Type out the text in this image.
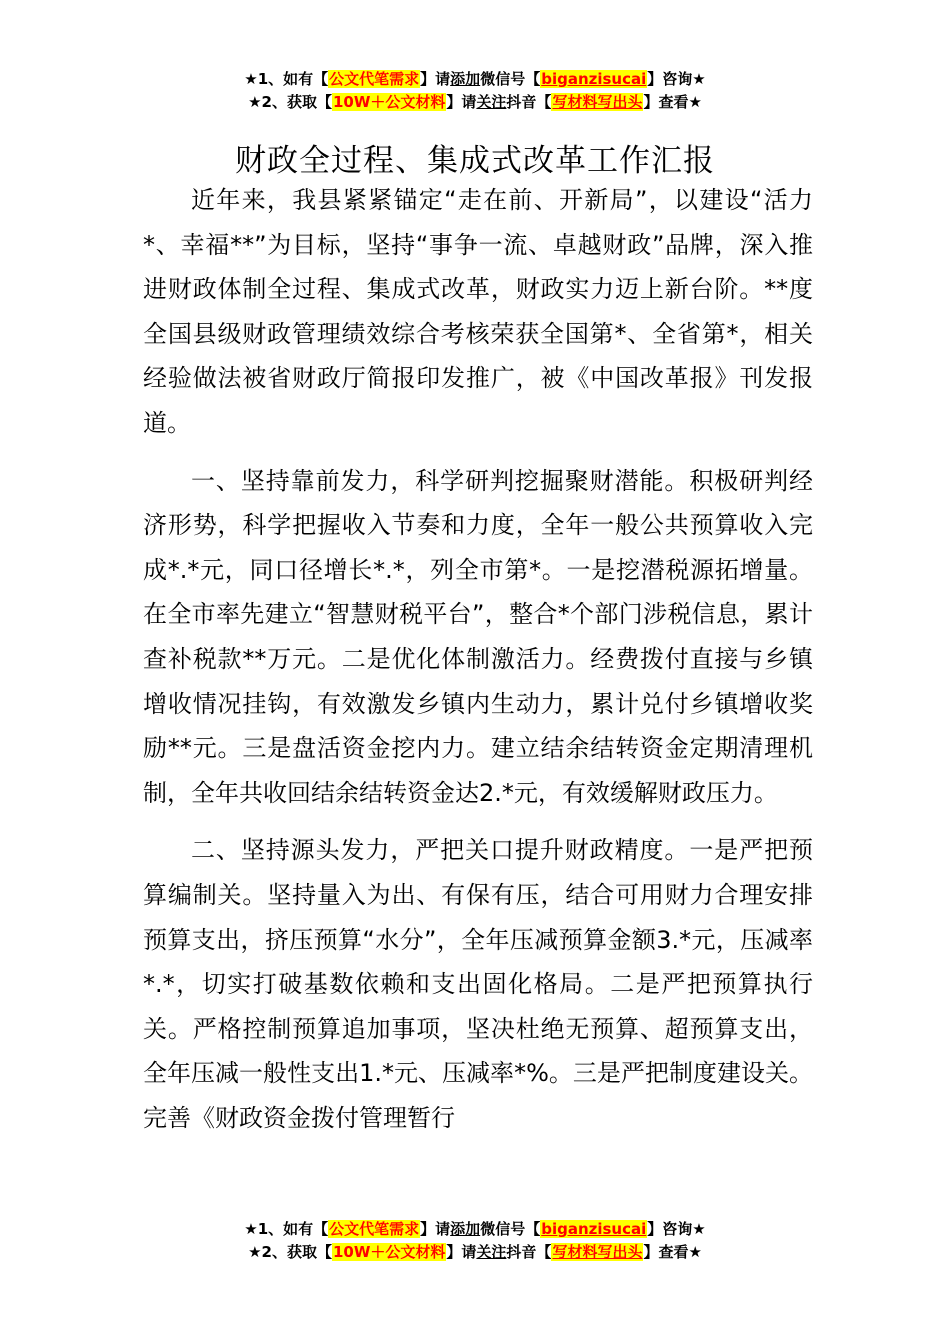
★1、如有【公文代笔需求】请添加微信号【biganzisucai】咨询★
★2、获取【10W＋公文材料】请关注抖音【写材料写出头】查看★
财政全过程、集成式改革工作汇报

近年来，我县紧紧锚定“走在前、开新局”，以建设“活力*、幸福**”为目标，坚持“事争一流、卓越财政”品牌，深入推进财政体制全过程、集成式改革，财政实力迈上新台阶。**度全国县级财政管理绩效综合考核荣获全国第*、全省第*，相关经验做法被省财政厅简报印发推广，被《中国改革报》刊发报道。

一、坚持靠前发力，科学研判挖掘聚财潜能。积极研判经济形势，科学把握收入节奏和力度，全年一般公共预算收入完成*.*元，同口径增长*.*，列全市第*。一是挖潜税源拓增量。在全市率先建立“智慧财税平台”，整合*个部门涉税信息，累计查补税款**万元。二是优化体制激活力。经费拨付直接与乡镇增收情况挂钩，有效激发乡镇内生动力，累计兑付乡镇增收奖励**元。三是盘活资金挖内力。建立结余结转资金定期清理机制，全年共收回结余结转资金达2.*元，有效缓解财政压力。

二、坚持源头发力，严把关口提升财政精度。一是严把预算编制关。坚持量入为出、有保有压，结合可用财力合理安排预算支出，挤压预算“水分”，全年压减预算金额3.*元，压减率*.*，切实打破基数依赖和支出固化格局。二是严把预算执行关。严格控制预算追加事项，坚决杜绝无预算、超预算支出，全年压减一般性支出1.*元、压减率*%。三是严把制度建设关。完善《财政资金拨付管理暂行

★1、如有【公文代笔需求】请添加微信号【biganzisucai】咨询★
★2、获取【10W＋公文材料】请关注抖音【写材料写出头】查看★
